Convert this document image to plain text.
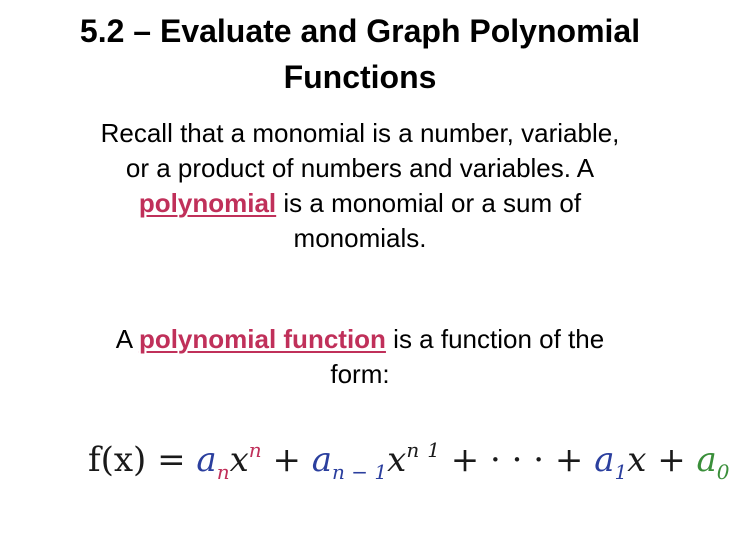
5.2 – Evaluate and Graph Polynomial
Functions
Recall that a monomial is a number, variable,
or a product of numbers and variables. A
polynomial is a monomial or a sum of
monomials.
A polynomial function is a function of the
form:
$f(x) = a_nx^n + a_{n - 1}x^{n 1}$ + · · · + $a_1x + a_0$
